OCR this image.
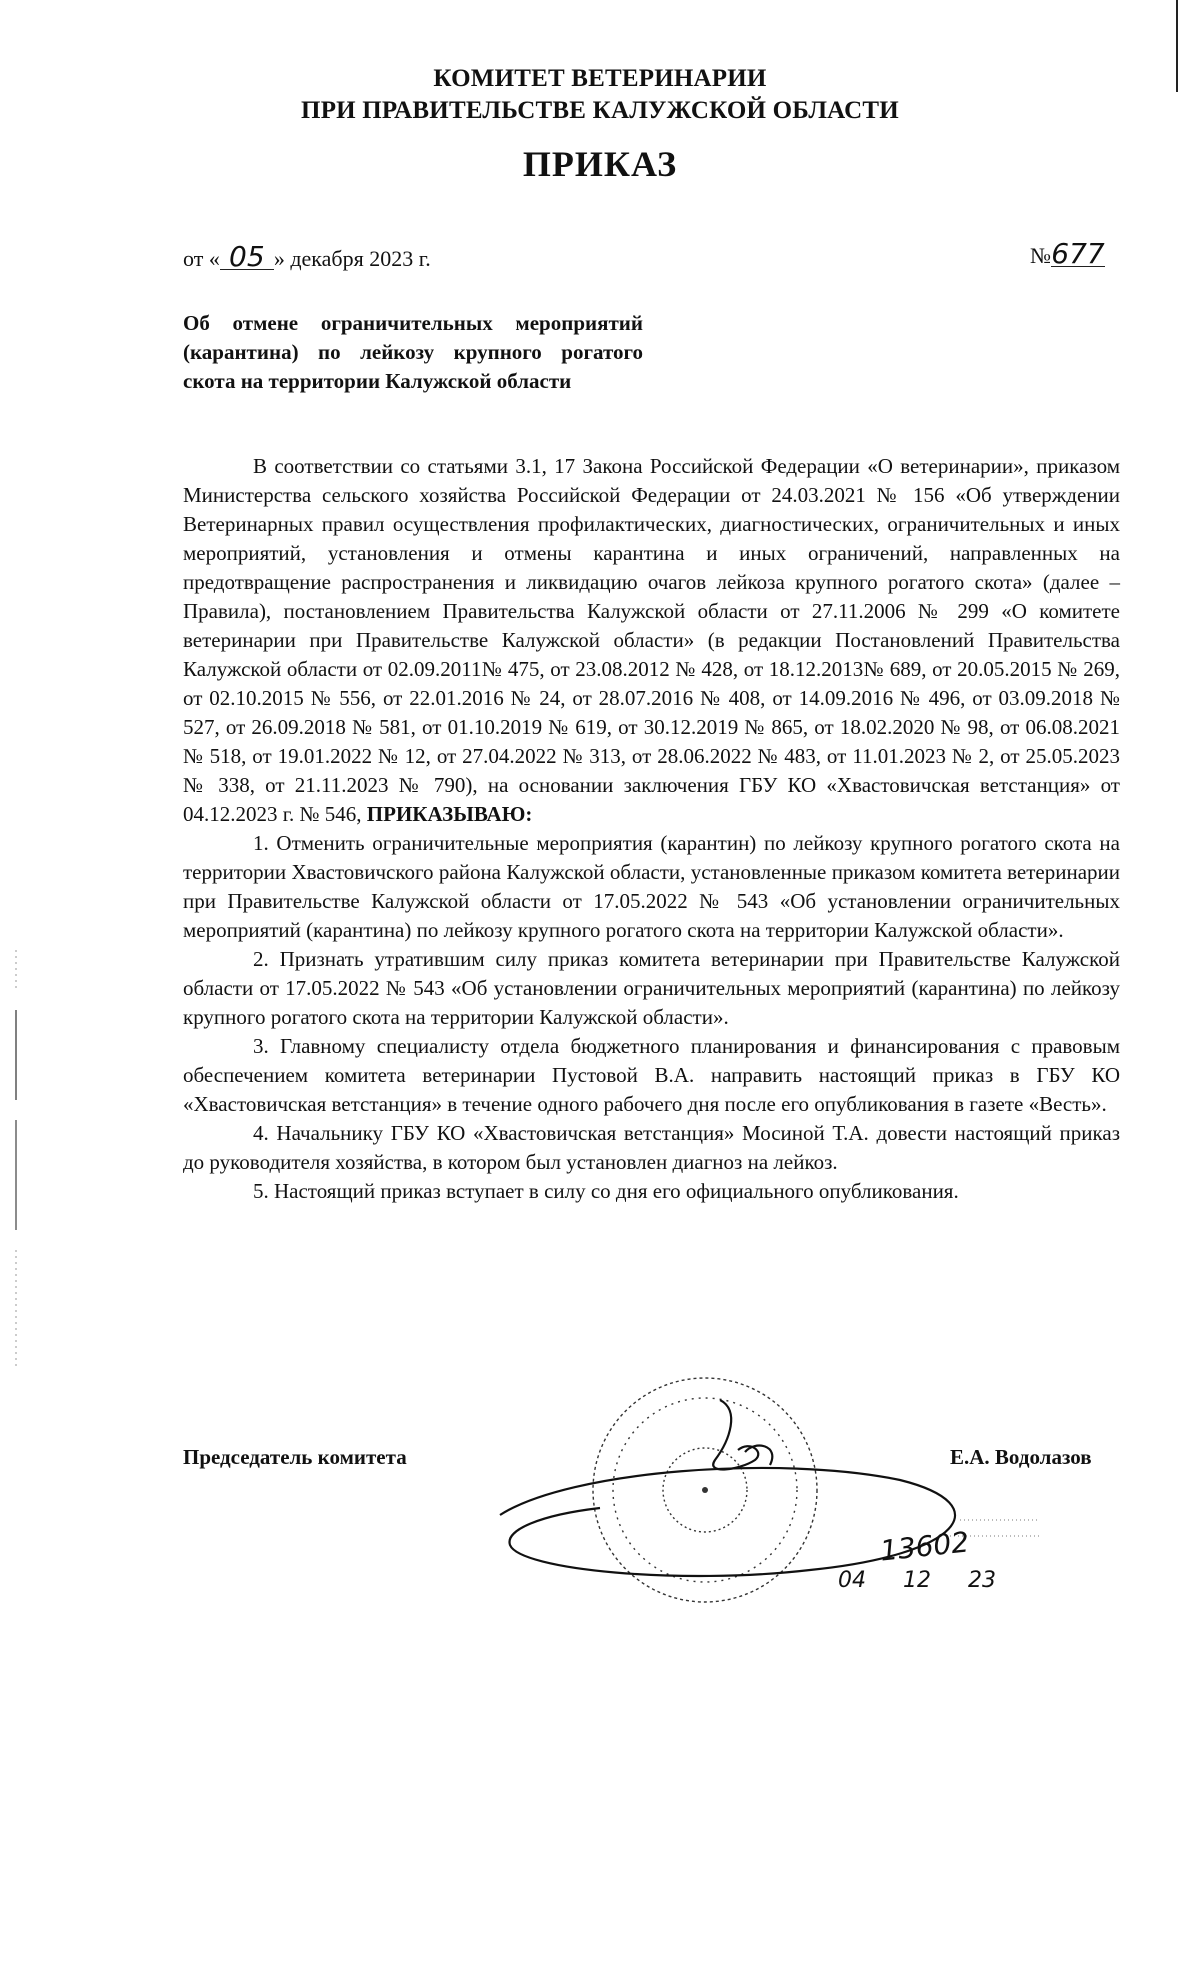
КОМИТЕТ ВЕТЕРИНАРИИ
ПРИ ПРАВИТЕЛЬСТВЕ КАЛУЖСКОЙ ОБЛАСТИ
ПРИКАЗ
от « 05 » декабря 2023 г.	№677
Об отмене ограничительных мероприятий (карантина) по лейкозу крупного рогатого скота на территории Калужской области

В соответствии со статьями 3.1, 17 Закона Российской Федерации «О ветеринарии», приказом Министерства сельского хозяйства Российской Федерации от 24.03.2021 № 156 «Об утверждении Ветеринарных правил осуществления профилактических, диагностических, ограничительных и иных мероприятий, установления и отмены карантина и иных ограничений, направленных на предотвращение распространения и ликвидацию очагов лейкоза крупного рогатого скота» (далее – Правила), постановлением Правительства Калужской области от 27.11.2006 № 299 «О комитете ветеринарии при Правительстве Калужской области» (в редакции Постановлений Правительства Калужской области от 02.09.2011№ 475, от 23.08.2012 № 428, от 18.12.2013№ 689, от 20.05.2015 № 269, от 02.10.2015 № 556, от 22.01.2016 № 24, от 28.07.2016 № 408, от 14.09.2016 № 496, от 03.09.2018 № 527, от 26.09.2018 № 581, от 01.10.2019 № 619, от 30.12.2019 № 865, от 18.02.2020 № 98, от 06.08.2021 № 518, от 19.01.2022 № 12, от 27.04.2022 № 313, от 28.06.2022 № 483, от 11.01.2023 № 2, от 25.05.2023 № 338, от 21.11.2023 № 790), на основании заключения ГБУ КО «Хвастовичская ветстанция» от 04.12.2023 г. № 546, ПРИКАЗЫВАЮ:

1. Отменить ограничительные мероприятия (карантин) по лейкозу крупного рогатого скота на территории Хвастовичского района Калужской области, установленные приказом комитета ветеринарии при Правительстве Калужской области от 17.05.2022 № 543 «Об установлении ограничительных мероприятий (карантина) по лейкозу крупного рогатого скота на территории Калужской области».

2. Признать утратившим силу приказ комитета ветеринарии при Правительстве Калужской области от 17.05.2022 № 543 «Об установлении ограничительных мероприятий (карантина) по лейкозу крупного рогатого скота на территории Калужской области».

3. Главному специалисту отдела бюджетного планирования и финансирования с правовым обеспечением комитета ветеринарии Пустовой В.А. направить настоящий приказ в ГБУ КО «Хвастовичская ветстанция» в течение одного рабочего дня после его опубликования в газете «Весть».

4. Начальнику ГБУ КО «Хвастовичская ветстанция» Мосиной Т.А. довести настоящий приказ до руководителя хозяйства, в котором был установлен диагноз на лейкоз.

5. Настоящий приказ вступает в силу со дня его официального опубликования.

Председатель комитета	Е.А. Водолазов
13602
04 12 23
